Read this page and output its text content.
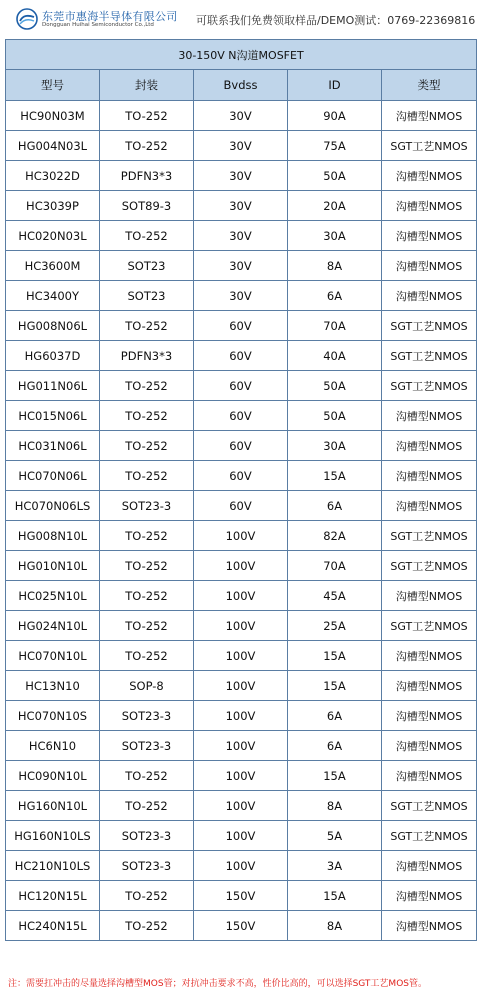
东莞市惠海半导体有限公司
Dongguan Huihai Semiconductor Co.,Ltd	可联系我们免费领取样品/DEMO测试：0769-22369816
30-150V N沟道MOSFET				
型号	封装	Bvdss	ID	类型
HC90N03M	TO-252	30V	90A	沟槽型NMOS
HG004N03L	TO-252	30V	75A	SGT工艺NMOS
HC3022D	PDFN3*3	30V	50A	沟槽型NMOS
HC3039P	SOT89-3	30V	20A	沟槽型NMOS
HC020N03L	TO-252	30V	30A	沟槽型NMOS
HC3600M	SOT23	30V	8A	沟槽型NMOS
HC3400Y	SOT23	30V	6A	沟槽型NMOS
HG008N06L	TO-252	60V	70A	SGT工艺NMOS
HG6037D	PDFN3*3	60V	40A	SGT工艺NMOS
HG011N06L	TO-252	60V	50A	SGT工艺NMOS
HC015N06L	TO-252	60V	50A	沟槽型NMOS
HC031N06L	TO-252	60V	30A	沟槽型NMOS
HC070N06L	TO-252	60V	15A	沟槽型NMOS
HC070N06LS	SOT23-3	60V	6A	沟槽型NMOS
HG008N10L	TO-252	100V	82A	SGT工艺NMOS
HG010N10L	TO-252	100V	70A	SGT工艺NMOS
HC025N10L	TO-252	100V	45A	沟槽型NMOS
HG024N10L	TO-252	100V	25A	SGT工艺NMOS
HC070N10L	TO-252	100V	15A	沟槽型NMOS
HC13N10	SOP-8	100V	15A	沟槽型NMOS
HC070N10S	SOT23-3	100V	6A	沟槽型NMOS
HC6N10	SOT23-3	100V	6A	沟槽型NMOS
HC090N10L	TO-252	100V	15A	沟槽型NMOS
HG160N10L	TO-252	100V	8A	SGT工艺NMOS
HG160N10LS	SOT23-3	100V	5A	SGT工艺NMOS
HC210N10LS	SOT23-3	100V	3A	沟槽型NMOS
HC120N15L	TO-252	150V	15A	沟槽型NMOS
HC240N15L	TO-252	150V	8A	沟槽型NMOS
注：需要扛冲击的尽量选择沟槽型MOS管；对抗冲击要求不高，性价比高的，可以选择SGT工艺MOS管。
